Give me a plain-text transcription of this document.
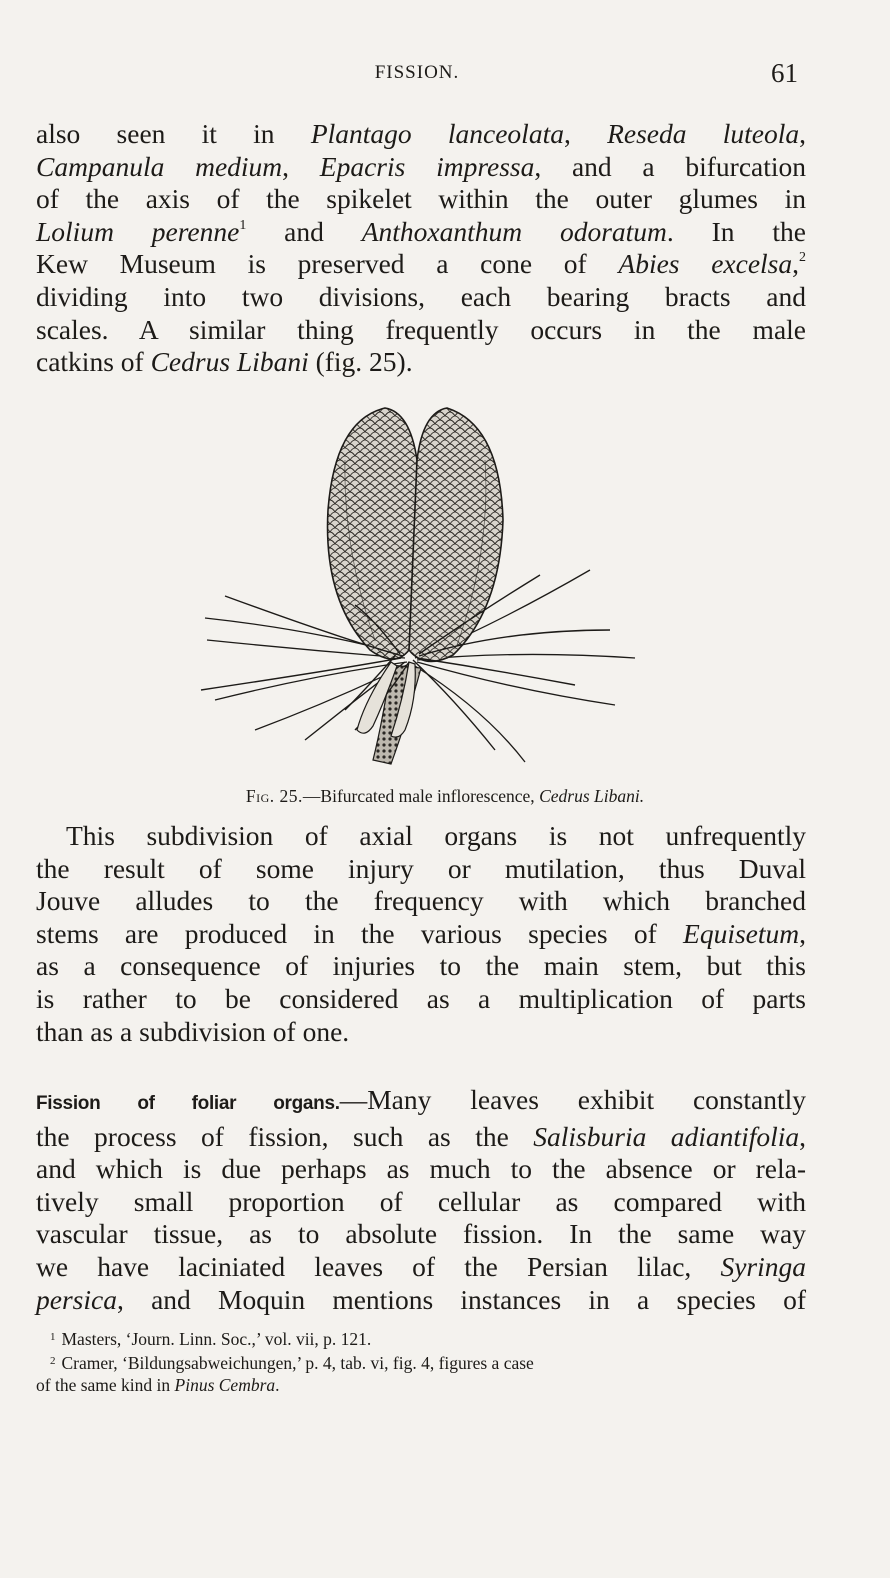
FISSION.	61
also seen it in Plantago lanceolata, Reseda luteola,
Campanula medium, Epacris impressa, and a bifurcation
of the axis of the spikelet within the outer glumes in
Lolium perenne$^1$ and Anthoxanthum odoratum. In the
Kew Museum is preserved a cone of Abies excelsa,$^2$
dividing into two divisions, each bearing bracts and
scales. A similar thing frequently occurs in the male
catkins of Cedrus Libani (fig. 25).
Fig. 25.—Bifurcated male inflorescence, Cedrus Libani.
This subdivision of axial organs is not unfrequently
the result of some injury or mutilation, thus Duval
Jouve alludes to the frequency with which branched
stems are produced in the various species of Equisetum,
as a consequence of injuries to the main stem, but this
is rather to be considered as a multiplication of parts
than as a subdivision of one.
Fission of foliar organs.—Many leaves exhibit constantly
the process of fission, such as the Salisburia adiantifolia,
and which is due perhaps as much to the absence or rela-
tively small proportion of cellular as compared with
vascular tissue, as to absolute fission. In the same way
we have laciniated leaves of the Persian lilac, Syringa
persica, and Moquin mentions instances in a species of
$^1$ Masters, ‘Journ. Linn. Soc.,’ vol. vii, p. 121.
$^2$ Cramer, ‘Bildungsabweichungen,’ p. 4, tab. vi, fig. 4, figures a case
of the same kind in Pinus Cembra.
